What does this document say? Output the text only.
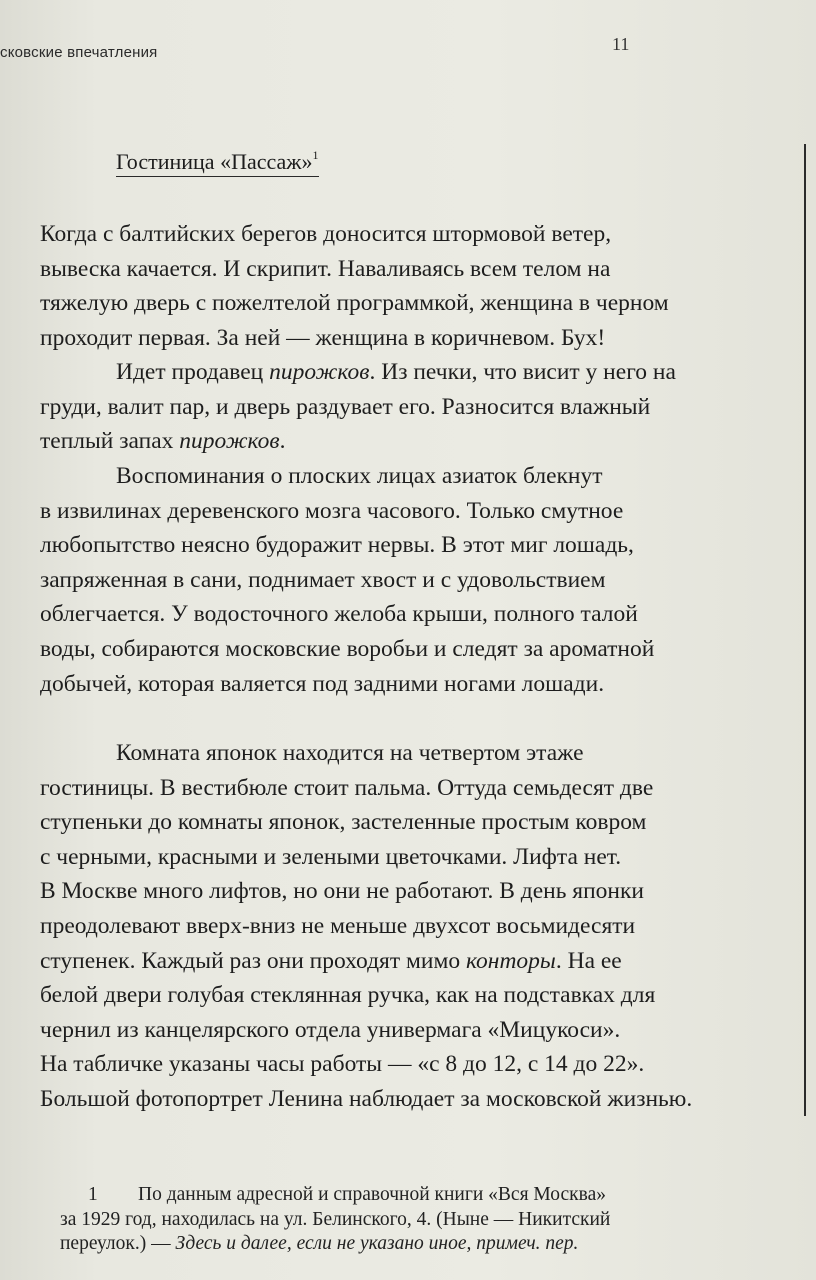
сковские впечатления	11
Гостиница «Пассаж»$^1$
Когда с балтийских берегов доносится штормовой ветер,
вывеска качается. И скрипит. Наваливаясь всем телом на
тяжелую дверь с пожелтелой программкой, женщина в черном
проходит первая. За ней — женщина в коричневом. Бух!
Идет продавец пирожков. Из печки, что висит у него на
груди, валит пар, и дверь раздувает его. Разносится влажный
теплый запах пирожков.
Воспоминания о плоских лицах азиаток блекнут
в извилинах деревенского мозга часового. Только смутное
любопытство неясно будоражит нервы. В этот миг лошадь,
запряженная в сани, поднимает хвост и с удовольствием
облегчается. У водосточного желоба крыши, полного талой
воды, собираются московские воробьи и следят за ароматной
добычей, которая валяется под задними ногами лошади.
Комната японок находится на четвертом этаже
гостиницы. В вестибюле стоит пальма. Оттуда семьдесят две
ступеньки до комнаты японок, застеленные простым ковром
с черными, красными и зелеными цветочками. Лифта нет.
В Москве много лифтов, но они не работают. В день японки
преодолевают вверх-вниз не меньше двухсот восьмидесяти
ступенек. Каждый раз они проходят мимо конторы. На ее
белой двери голубая стеклянная ручка, как на подставках для
чернил из канцелярского отдела универмага «Мицукоси».
На табличке указаны часы работы — «с 8 до 12, с 14 до 22».
Большой фотопортрет Ленина наблюдает за московской жизнью.
1 По данным адресной и справочной книги «Вся Москва»
за 1929 год, находилась на ул. Белинского, 4. (Ныне — Никитский
переулок.) — Здесь и далее, если не указано иное, примеч. пер.
